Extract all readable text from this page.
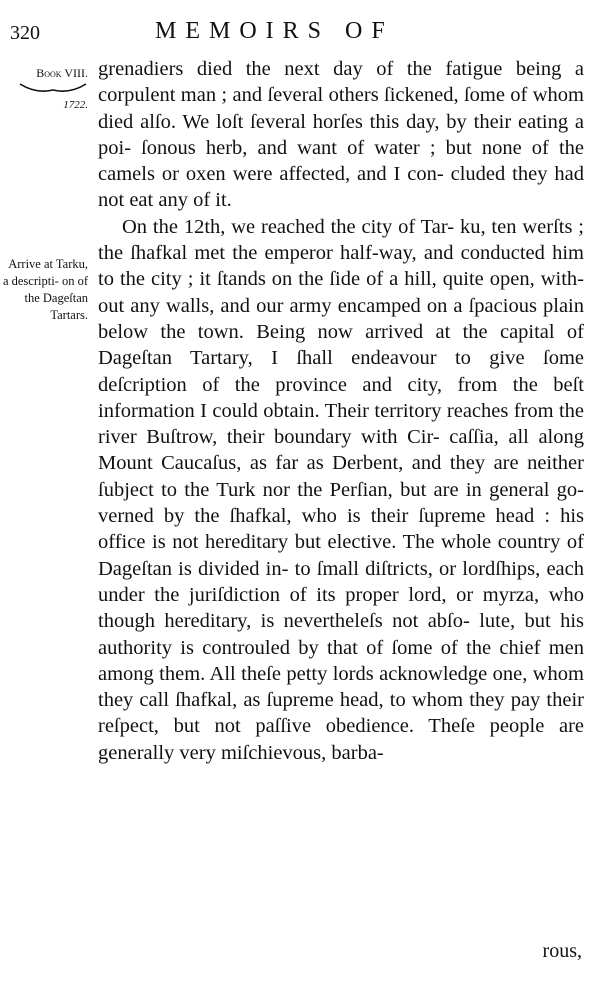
320	MEMOIRS OF
Book VIII.
1722.
Arrive at Tarku, a descripti- on of the Dageſtan Tartars.

grenadiers died the next day of the fatigue being a corpulent man ; and ſeveral others ſickened, ſome of whom died alſo. We loſt ſeveral horſes this day, by their eating a poi- ſonous herb, and want of water ; but none of the camels or oxen were affected, and I con- cluded they had not eat any of it.

On the 12th, we reached the city of Tar- ku, ten werſts ; the ſhafkal met the emperor half-way, and conducted him to the city ; it ſtands on the ſide of a hill, quite open, with- out any walls, and our army encamped on a ſpacious plain below the town. Being now arrived at the capital of Dageſtan Tartary, I ſhall endeavour to give ſome deſcription of the province and city, from the beſt information I could obtain. Their territory reaches from the river Buſtrow, their boundary with Cir- caſſia, all along Mount Caucaſus, as far as Derbent, and they are neither ſubject to the Turk nor the Perſian, but are in general go- verned by the ſhafkal, who is their ſupreme head : his office is not hereditary but elective. The whole country of Dageſtan is divided in- to ſmall diſtricts, or lordſhips, each under the juriſdiction of its proper lord, or myrza, who though hereditary, is nevertheleſs not abſo- lute, but his authority is controuled by that of ſome of the chief men among them. All theſe petty lords acknowledge one, whom they call ſhafkal, as ſupreme head, to whom they pay their reſpect, but not paſſive obedience. Theſe people are generally very miſchievous, barba-

rous,
